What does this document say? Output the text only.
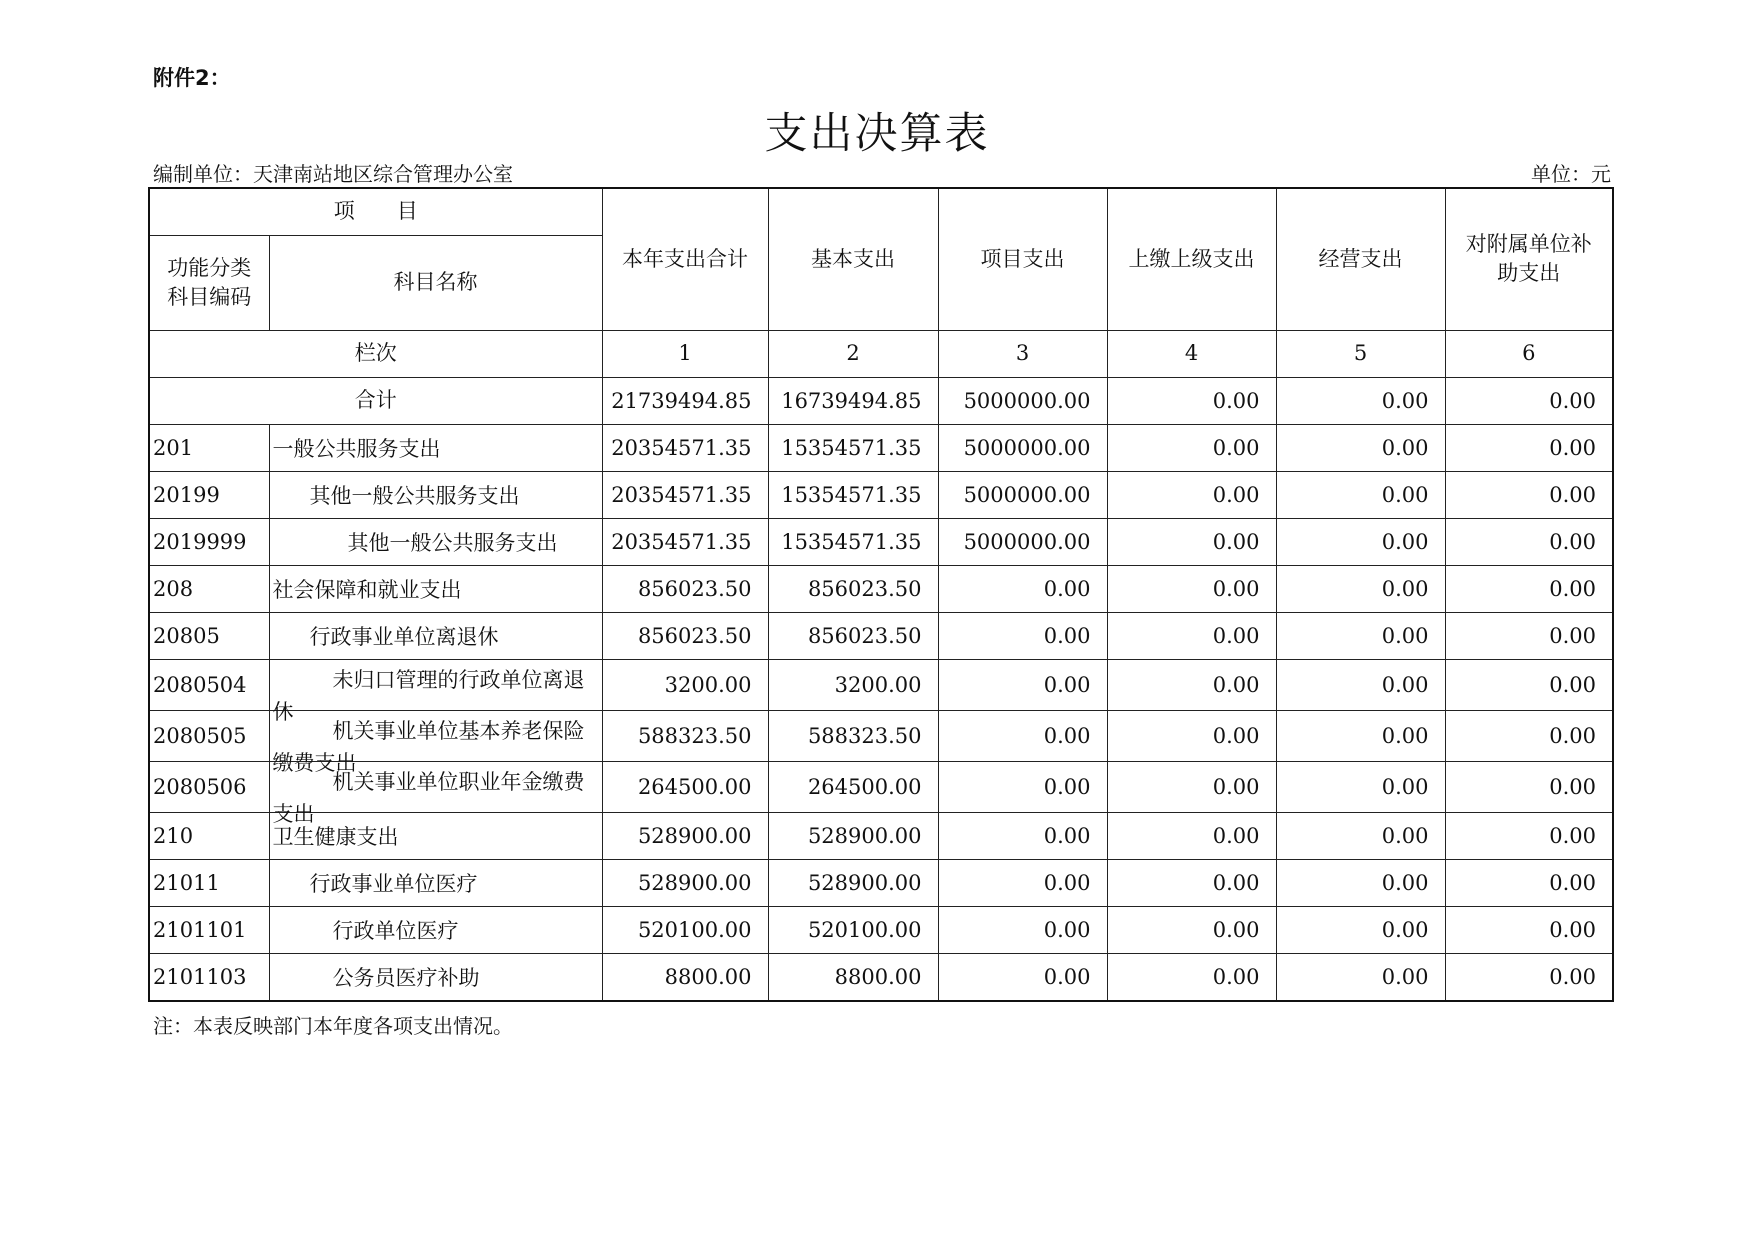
附件2：
支出决算表
编制单位：天津南站地区综合管理办公室	单位：元
项　　目		本年支出合计	基本支出	项目支出	上缴上级支出	经营支出	对附属单位补助支出
功能分类科目编码	科目名称						
栏次		1	2	3	4	5	6
合计		21739494.85	16739494.85	5000000.00	0.00	0.00	0.00
201	一般公共服务支出	20354571.35	15354571.35	5000000.00	0.00	0.00	0.00
20199	其他一般公共服务支出	20354571.35	15354571.35	5000000.00	0.00	0.00	0.00
2019999	其他一般公共服务支出	20354571.35	15354571.35	5000000.00	0.00	0.00	0.00
208	社会保障和就业支出	856023.50	856023.50	0.00	0.00	0.00	0.00
20805	行政事业单位离退休	856023.50	856023.50	0.00	0.00	0.00	0.00
2080504	未归口管理的行政单位离退休	3200.00	3200.00	0.00	0.00	0.00	0.00
2080505	机关事业单位基本养老保险缴费支出	588323.50	588323.50	0.00	0.00	0.00	0.00
2080506	机关事业单位职业年金缴费支出	264500.00	264500.00	0.00	0.00	0.00	0.00
210	卫生健康支出	528900.00	528900.00	0.00	0.00	0.00	0.00
21011	行政事业单位医疗	528900.00	528900.00	0.00	0.00	0.00	0.00
2101101	行政单位医疗	520100.00	520100.00	0.00	0.00	0.00	0.00
2101103	公务员医疗补助	8800.00	8800.00	0.00	0.00	0.00	0.00
注：本表反映部门本年度各项支出情况。
